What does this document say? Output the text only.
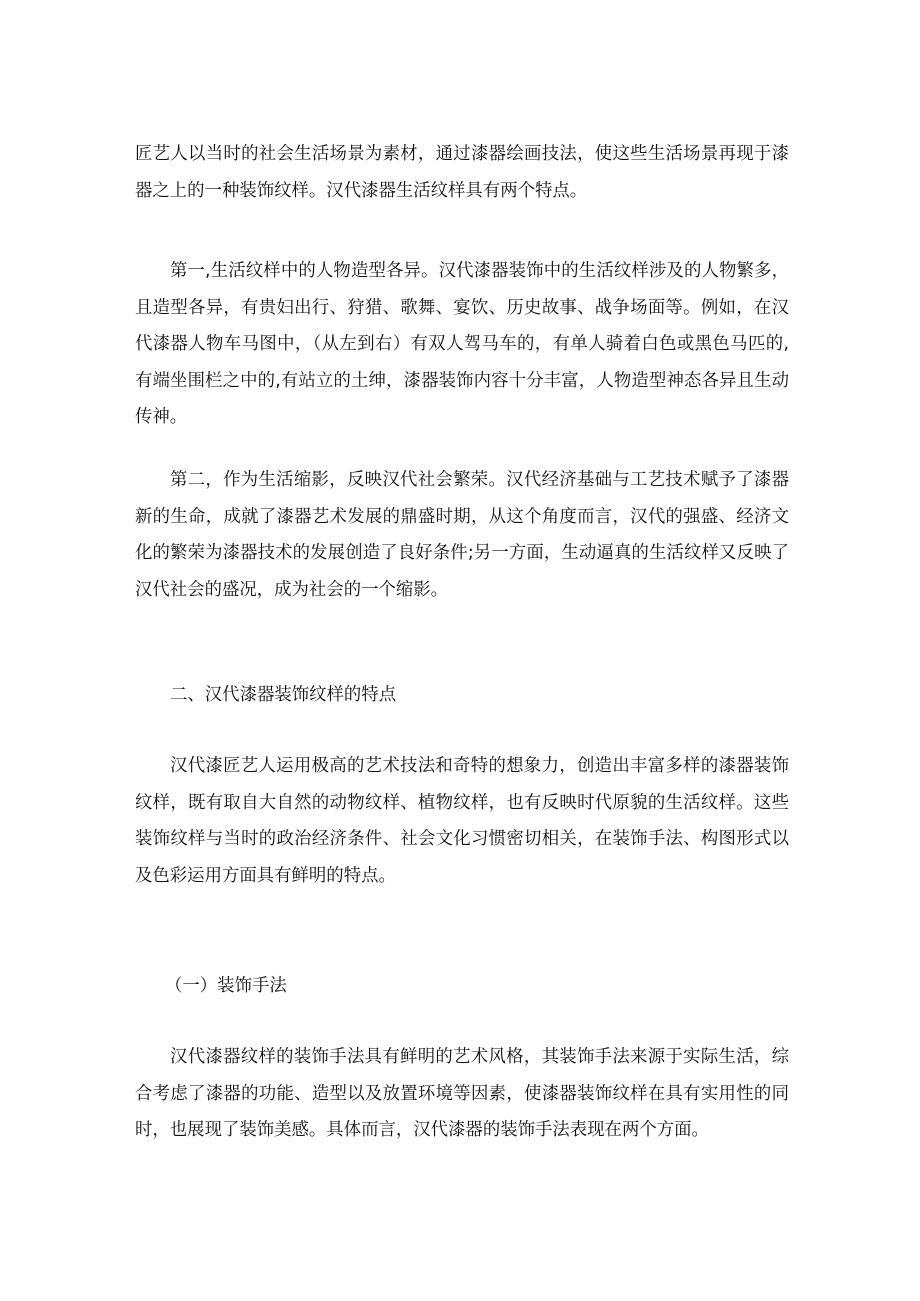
匠艺人以当时的社会生活场景为素材，通过漆器绘画技法，使这些生活场景再现于漆器之上的一种装饰纹样。汉代漆器生活纹样具有两个特点。

第一,生活纹样中的人物造型各异。汉代漆器装饰中的生活纹样涉及的人物繁多，且造型各异，有贵妇出行、狩猎、歌舞、宴饮、历史故事、战争场面等。例如，在汉代漆器人物车马图中，（从左到右）有双人驾马车的，有单人骑着白色或黑色马匹的,有端坐围栏之中的,有站立的土绅，漆器装饰内容十分丰富，人物造型神态各异且生动传神。

第二，作为生活缩影，反映汉代社会繁荣。汉代经济基础与工艺技术赋予了漆器新的生命，成就了漆器艺术发展的鼎盛时期，从这个角度而言，汉代的强盛、经济文化的繁荣为漆器技术的发展创造了良好条件;另一方面，生动逼真的生活纹样又反映了汉代社会的盛况，成为社会的一个缩影。

二、汉代漆器装饰纹样的特点

汉代漆匠艺人运用极高的艺术技法和奇特的想象力，创造出丰富多样的漆器装饰纹样，既有取自大自然的动物纹样、植物纹样，也有反映时代原貌的生活纹样。这些装饰纹样与当时的政治经济条件、社会文化习惯密切相关，在装饰手法、构图形式以及色彩运用方面具有鲜明的特点。

（一）装饰手法

汉代漆器纹样的装饰手法具有鲜明的艺术风格，其装饰手法来源于实际生活，综合考虑了漆器的功能、造型以及放置环境等因素，使漆器装饰纹样在具有实用性的同时，也展现了装饰美感。具体而言，汉代漆器的装饰手法表现在两个方面。
